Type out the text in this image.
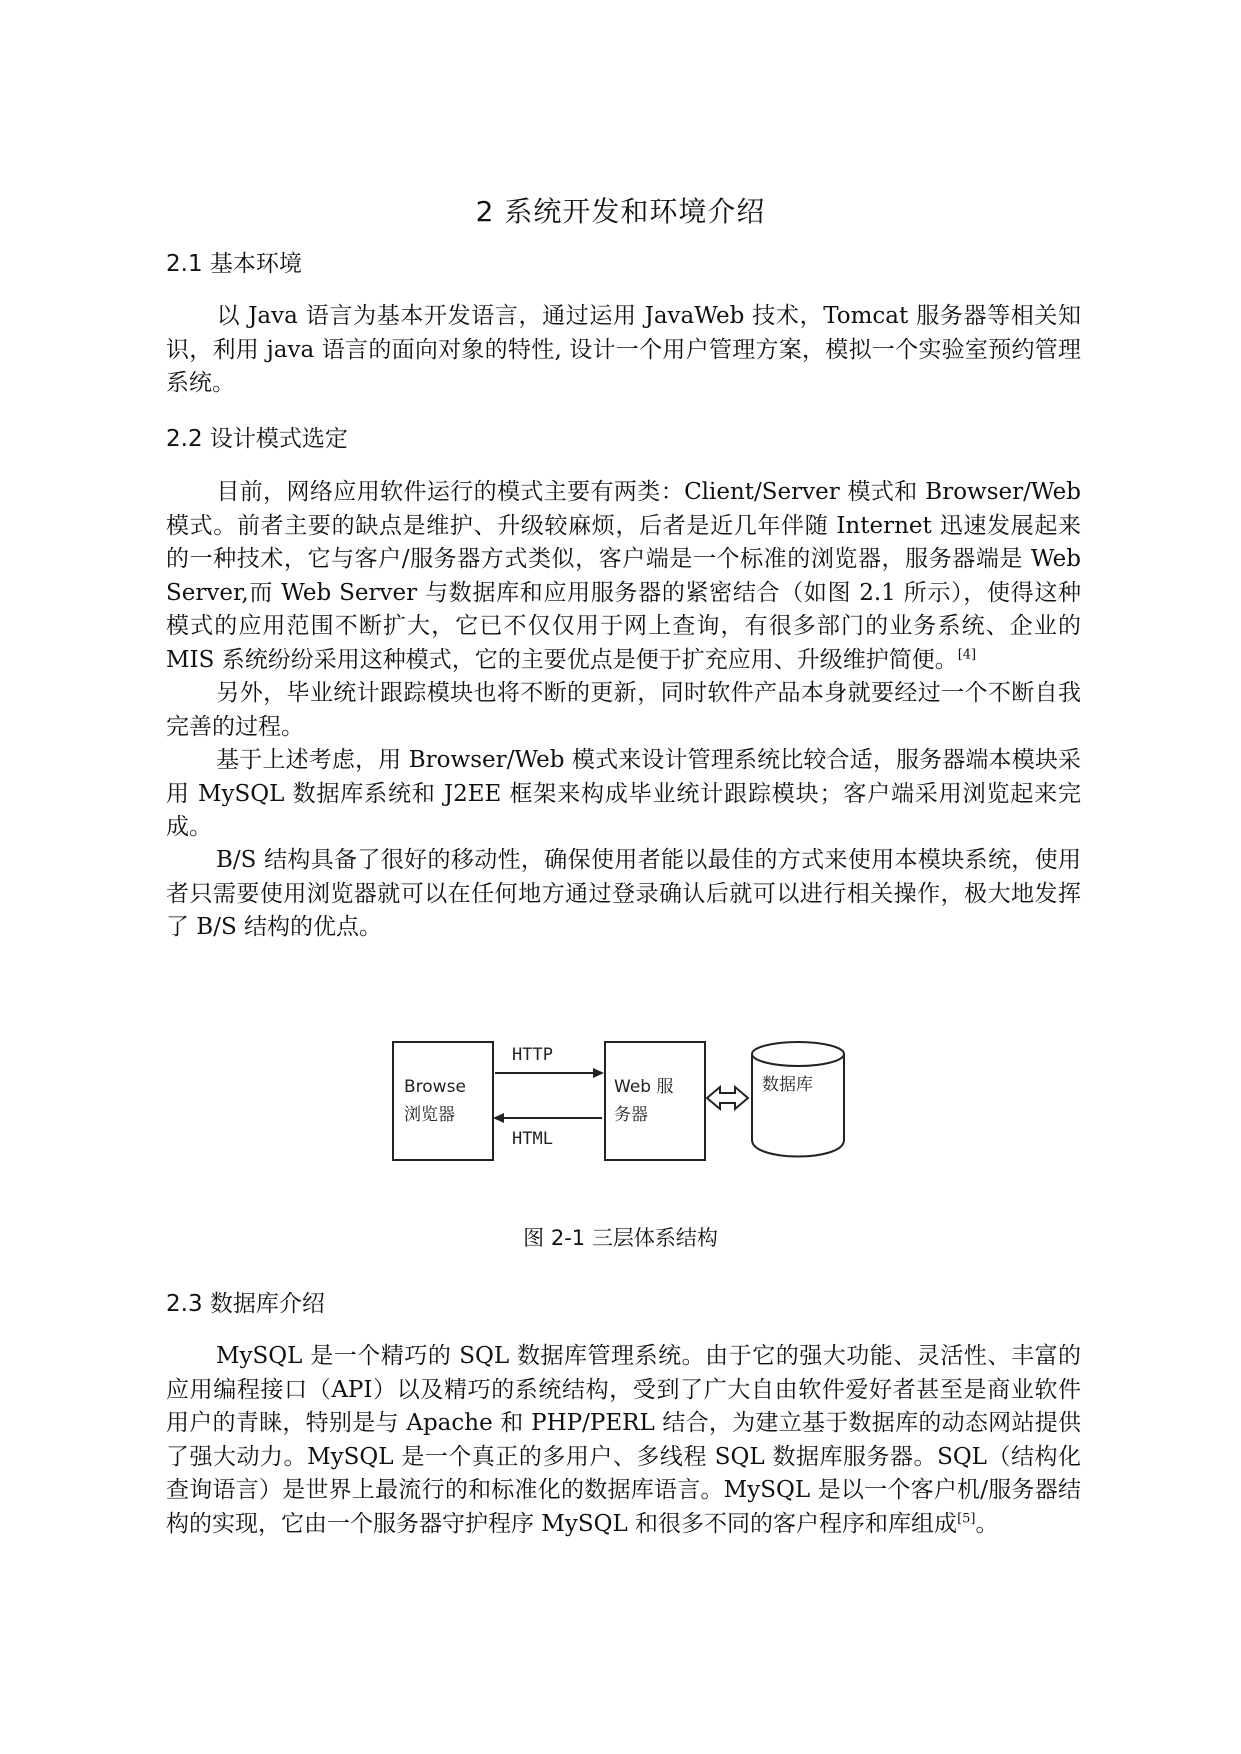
2 系统开发和环境介绍
2.1 基本环境

以 Java 语言为基本开发语言，通过运用 JavaWeb 技术，Tomcat 服务器等相关知识，利用 java 语言的面向对象的特性, 设计一个用户管理方案，模拟一个实验室预约管理系统。

2.2 设计模式选定

目前，网络应用软件运行的模式主要有两类：Client/Server 模式和 Browser/Web 模式。前者主要的缺点是维护、升级较麻烦，后者是近几年伴随 Internet 迅速发展起来的一种技术，它与客户/服务器方式类似，客户端是一个标准的浏览器，服务器端是 Web Server,而 Web Server 与数据库和应用服务器的紧密结合（如图 2.1 所示），使得这种模式的应用范围不断扩大，它已不仅仅用于网上查询，有很多部门的业务系统、企业的 MIS 系统纷纷采用这种模式，它的主要优点是便于扩充应用、升级维护简便。[4]

另外，毕业统计跟踪模块也将不断的更新，同时软件产品本身就要经过一个不断自我完善的过程。

基于上述考虑，用 Browser/Web 模式来设计管理系统比较合适，服务器端本模块采用 MySQL 数据库系统和 J2EE 框架来构成毕业统计跟踪模块；客户端采用浏览起来完成。

B/S 结构具备了很好的移动性，确保使用者能以最佳的方式来使用本模块系统，使用者只需要使用浏览器就可以在任何地方通过登录确认后就可以进行相关操作，极大地发挥了 B/S 结构的优点。

Browse
浏览器
HTTP
HTML
Web 服
务器
数据库
图 2-1 三层体系结构
2.3 数据库介绍

MySQL 是一个精巧的 SQL 数据库管理系统。由于它的强大功能、灵活性、丰富的应用编程接口（API）以及精巧的系统结构，受到了广大自由软件爱好者甚至是商业软件用户的青睐，特别是与 Apache 和 PHP/PERL 结合，为建立基于数据库的动态网站提供了强大动力。MySQL 是一个真正的多用户、多线程 SQL 数据库服务器。SQL（结构化查询语言）是世界上最流行的和标准化的数据库语言。MySQL 是以一个客户机/服务器结构的实现，它由一个服务器守护程序 MySQL 和很多不同的客户程序和库组成[5]。
